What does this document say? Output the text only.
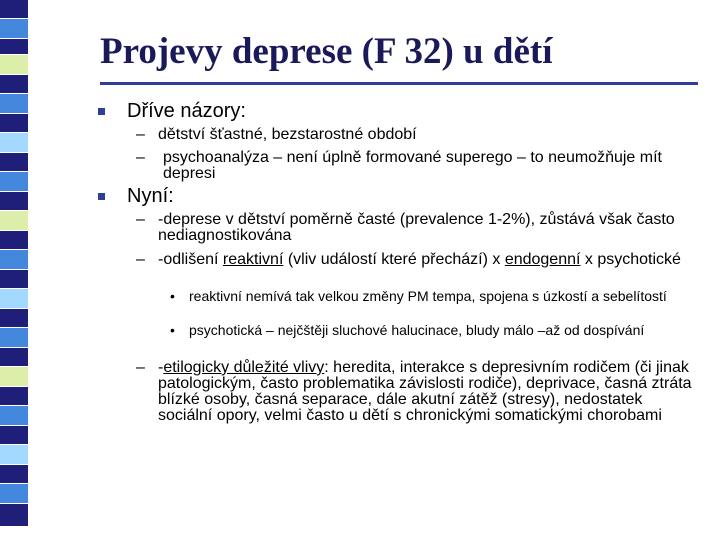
Projevy deprese (F 32) u dětí
Dříve názory:
– dětství šťastné, bezstarostné období
–	psychoanalýza – není úplně formované superego – to neumožňuje mít depresi
Nyní:
– -deprese v dětství poměrně časté (prevalence 1-2%), zůstává však často nediagnostikována
– -odlišení reaktivní (vliv událostí které přechází) x endogenní x psychotické
• reaktivní nemívá tak velkou změny PM tempa, spojena s úzkostí a sebelítostí
• psychotická – nejčštěji sluchové halucinace, bludy málo –až od dospívání
– -etilogicky důležité vlivy: heredita, interakce s depresivním rodičem (či jinak patologickým, často problematika závislosti rodiče), deprivace, časná ztráta blízké osoby, časná separace, dále akutní zátěž (stresy), nedostatek sociální opory, velmi často u dětí s chronickými somatickými chorobami
